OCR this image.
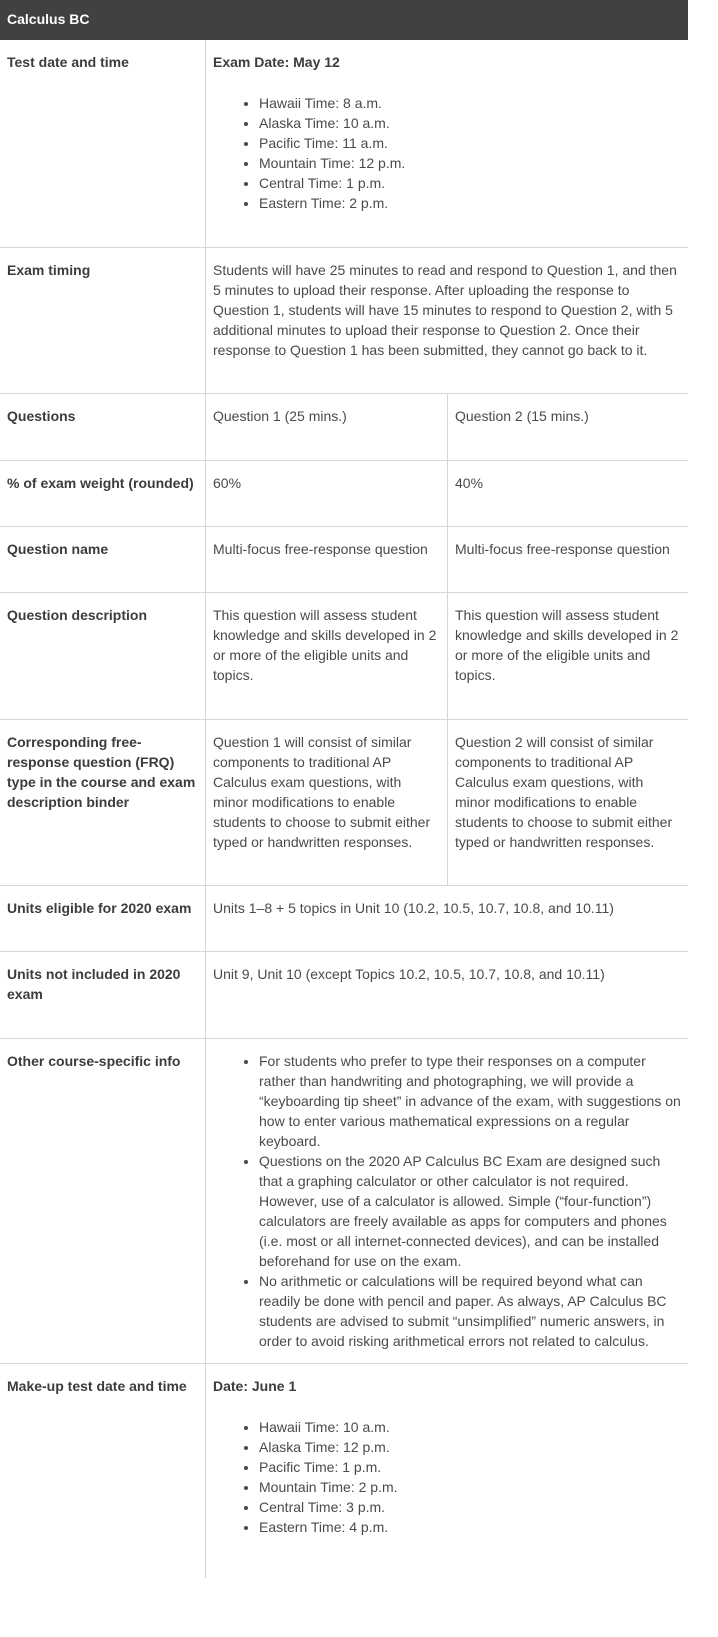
Calculus BC
Test date and time	Exam Date: May 12
• Hawaii Time: 8 a.m.
• Alaska Time: 10 a.m.
• Pacific Time: 11 a.m.
• Mountain Time: 12 p.m.
• Central Time: 1 p.m.
• Eastern Time: 2 p.m.
Exam timing	Students will have 25 minutes to read and respond to Question 1, and then 5 minutes to upload their response. After uploading the response to Question 1, students will have 15 minutes to respond to Question 2, with 5 additional minutes to upload their response to Question 2. Once their response to Question 1 has been submitted, they cannot go back to it.
Questions	Question 1 (25 mins.)	Question 2 (15 mins.)
% of exam weight (rounded)	60%	40%
Question name	Multi-focus free-response question	Multi-focus free-response question
Question description	This question will assess student knowledge and skills developed in 2 or more of the eligible units and topics.
This question will assess student knowledge and skills developed in 2 or more of the eligible units and topics.
Corresponding free-response question (FRQ) type in the course and exam description binder
Question 1 will consist of similar components to traditional AP Calculus exam questions, with minor modifications to enable students to choose to submit either typed or handwritten responses.
Question 2 will consist of similar components to traditional AP Calculus exam questions, with minor modifications to enable students to choose to submit either typed or handwritten responses.
Units eligible for 2020 exam	Units 1–8 + 5 topics in Unit 10 (10.2, 10.5, 10.7, 10.8, and 10.11)
Units not included in 2020 exam
Unit 9, Unit 10 (except Topics 10.2, 10.5, 10.7, 10.8, and 10.11)
Other course-specific info
•	For students who prefer to type their responses on a computer rather than handwriting and photographing, we will provide a “keyboarding tip sheet” in advance of the exam, with suggestions on how to enter various mathematical expressions on a regular keyboard.
• Questions on the 2020 AP Calculus BC Exam are designed such that a graphing calculator or other calculator is not required. However, use of a calculator is allowed. Simple (“four-function”) calculators are freely available as apps for computers and phones (i.e. most or all internet-connected devices), and can be installed beforehand for use on the exam.
• No arithmetic or calculations will be required beyond what can readily be done with pencil and paper. As always, AP Calculus BC students are advised to submit “unsimplified” numeric answers, in order to avoid risking arithmetical errors not related to calculus.
Make-up test date and time	Date: June 1
• Hawaii Time: 10 a.m.
• Alaska Time: 12 p.m.
• Pacific Time: 1 p.m.
• Mountain Time: 2 p.m.
• Central Time: 3 p.m.
• Eastern Time: 4 p.m.
